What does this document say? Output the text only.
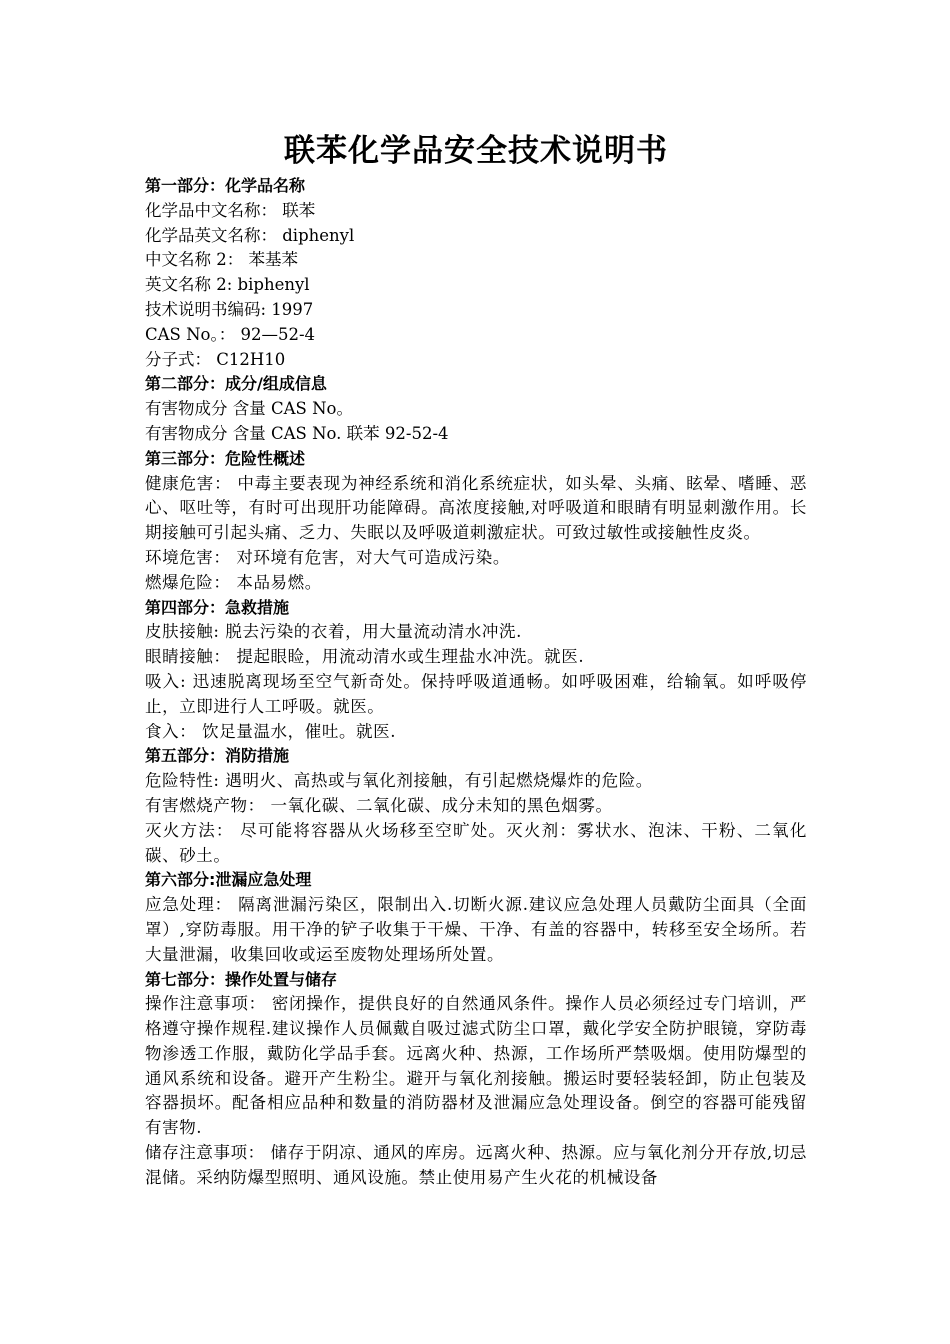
联苯化学品安全技术说明书

第一部分：化学品名称

化学品中文名称： 联苯

化学品英文名称： diphenyl

中文名称 2： 苯基苯

英文名称 2: biphenyl

技术说明书编码: 1997

CAS No。： 92—52-4

分子式： C12H10

第二部分：成分/组成信息

有害物成分 含量 CAS No。

有害物成分 含量 CAS No. 联苯 92-52-4

第三部分：危险性概述

健康危害： 中毒主要表现为神经系统和消化系统症状，如头晕、头痛、眩晕、嗜睡、恶心、呕吐等，有时可出现肝功能障碍。高浓度接触,对呼吸道和眼睛有明显刺激作用。长期接触可引起头痛、乏力、失眠以及呼吸道刺激症状。可致过敏性或接触性皮炎。

环境危害： 对环境有危害，对大气可造成污染。

燃爆危险： 本品易燃。

第四部分：急救措施

皮肤接触: 脱去污染的衣着，用大量流动清水冲洗.

眼睛接触： 提起眼睑，用流动清水或生理盐水冲洗。就医.

吸入: 迅速脱离现场至空气新奇处。保持呼吸道通畅。如呼吸困难，给输氧。如呼吸停止，立即进行人工呼吸。就医。

食入： 饮足量温水，催吐。就医.

第五部分：消防措施

危险特性: 遇明火、高热或与氧化剂接触，有引起燃烧爆炸的危险。

有害燃烧产物： 一氧化碳、二氧化碳、成分未知的黑色烟雾。

灭火方法： 尽可能将容器从火场移至空旷处。灭火剂：雾状水、泡沫、干粉、二氧化碳、砂土。

第六部分:泄漏应急处理

应急处理： 隔离泄漏污染区，限制出入.切断火源.建议应急处理人员戴防尘面具（全面罩）,穿防毒服。用干净的铲子收集于干燥、干净、有盖的容器中，转移至安全场所。若大量泄漏，收集回收或运至废物处理场所处置。

第七部分：操作处置与储存

操作注意事项： 密闭操作，提供良好的自然通风条件。操作人员必须经过专门培训，严格遵守操作规程.建议操作人员佩戴自吸过滤式防尘口罩，戴化学安全防护眼镜，穿防毒物渗透工作服，戴防化学品手套。远离火种、热源，工作场所严禁吸烟。使用防爆型的通风系统和设备。避开产生粉尘。避开与氧化剂接触。搬运时要轻装轻卸，防止包装及容器损坏。配备相应品种和数量的消防器材及泄漏应急处理设备。倒空的容器可能残留有害物.

储存注意事项： 储存于阴凉、通风的库房。远离火种、热源。应与氧化剂分开存放,切忌混储。采纳防爆型照明、通风设施。禁止使用易产生火花的机械设备
